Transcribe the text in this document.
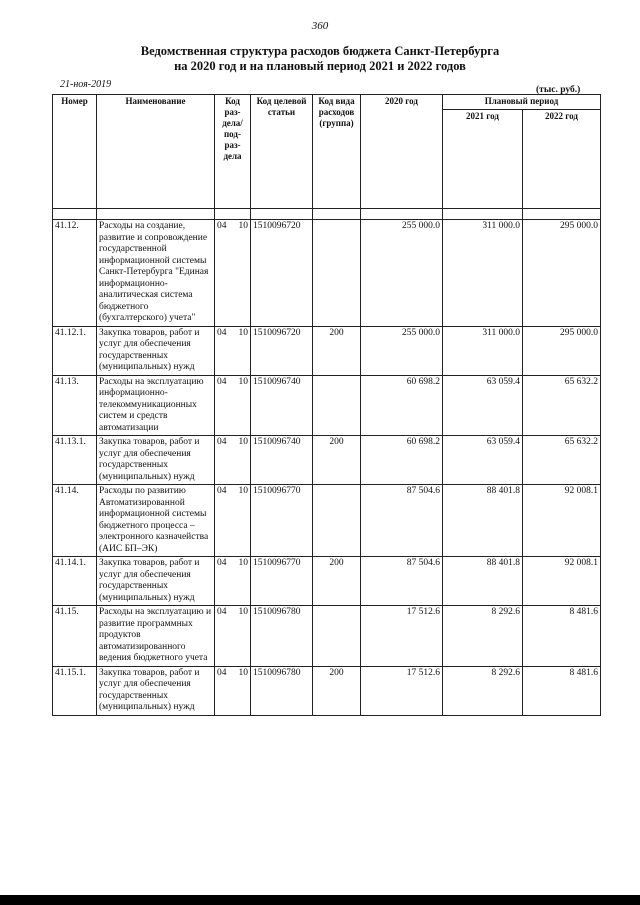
360
Ведомственная структура расходов бюджета Санкт-Петербурга
на 2020 год и на плановый период 2021 и 2022 годов
21-ноя-2019	(тыс. руб.)
Номер	Наименование	Код раз- дела/ под- раз- дела	Код целевой статьи	Код вида расходов (группа)	2020 год	Плановый период	
						2021 год	2022 год

41.12.	Расходы на создание, развитие и сопровождение государственной информационной системы Санкт-Петербурга "Единая информационно-аналитическая система бюджетного (бухгалтерского) учета"	04 10	1510096720		255 000.0	311 000.0	295 000.0
41.12.1.	Закупка товаров, работ и услуг для обеспечения государственных (муниципальных) нужд	04 10	1510096720	200	255 000.0	311 000.0	295 000.0
41.13.	Расходы на эксплуатацию информационно-телекоммуникационных систем и средств автоматизации	04 10	1510096740		60 698.2	63 059.4	65 632.2
41.13.1.	Закупка товаров, работ и услуг для обеспечения государственных (муниципальных) нужд	04 10	1510096740	200	60 698.2	63 059.4	65 632.2
41.14.	Расходы по развитию Автоматизированной информационной системы бюджетного процесса – электронного казначейства (АИС БП–ЭК)	04 10	1510096770		87 504.6	88 401.8	92 008.1
41.14.1.	Закупка товаров, работ и услуг для обеспечения государственных (муниципальных) нужд	04 10	1510096770	200	87 504.6	88 401.8	92 008.1
41.15.	Расходы на эксплуатацию и развитие программных продуктов автоматизированного ведения бюджетного учета	04 10	1510096780		17 512.6	8 292.6	8 481.6
41.15.1.	Закупка товаров, работ и услуг для обеспечения государственных (муниципальных) нужд	04 10	1510096780	200	17 512.6	8 292.6	8 481.6
